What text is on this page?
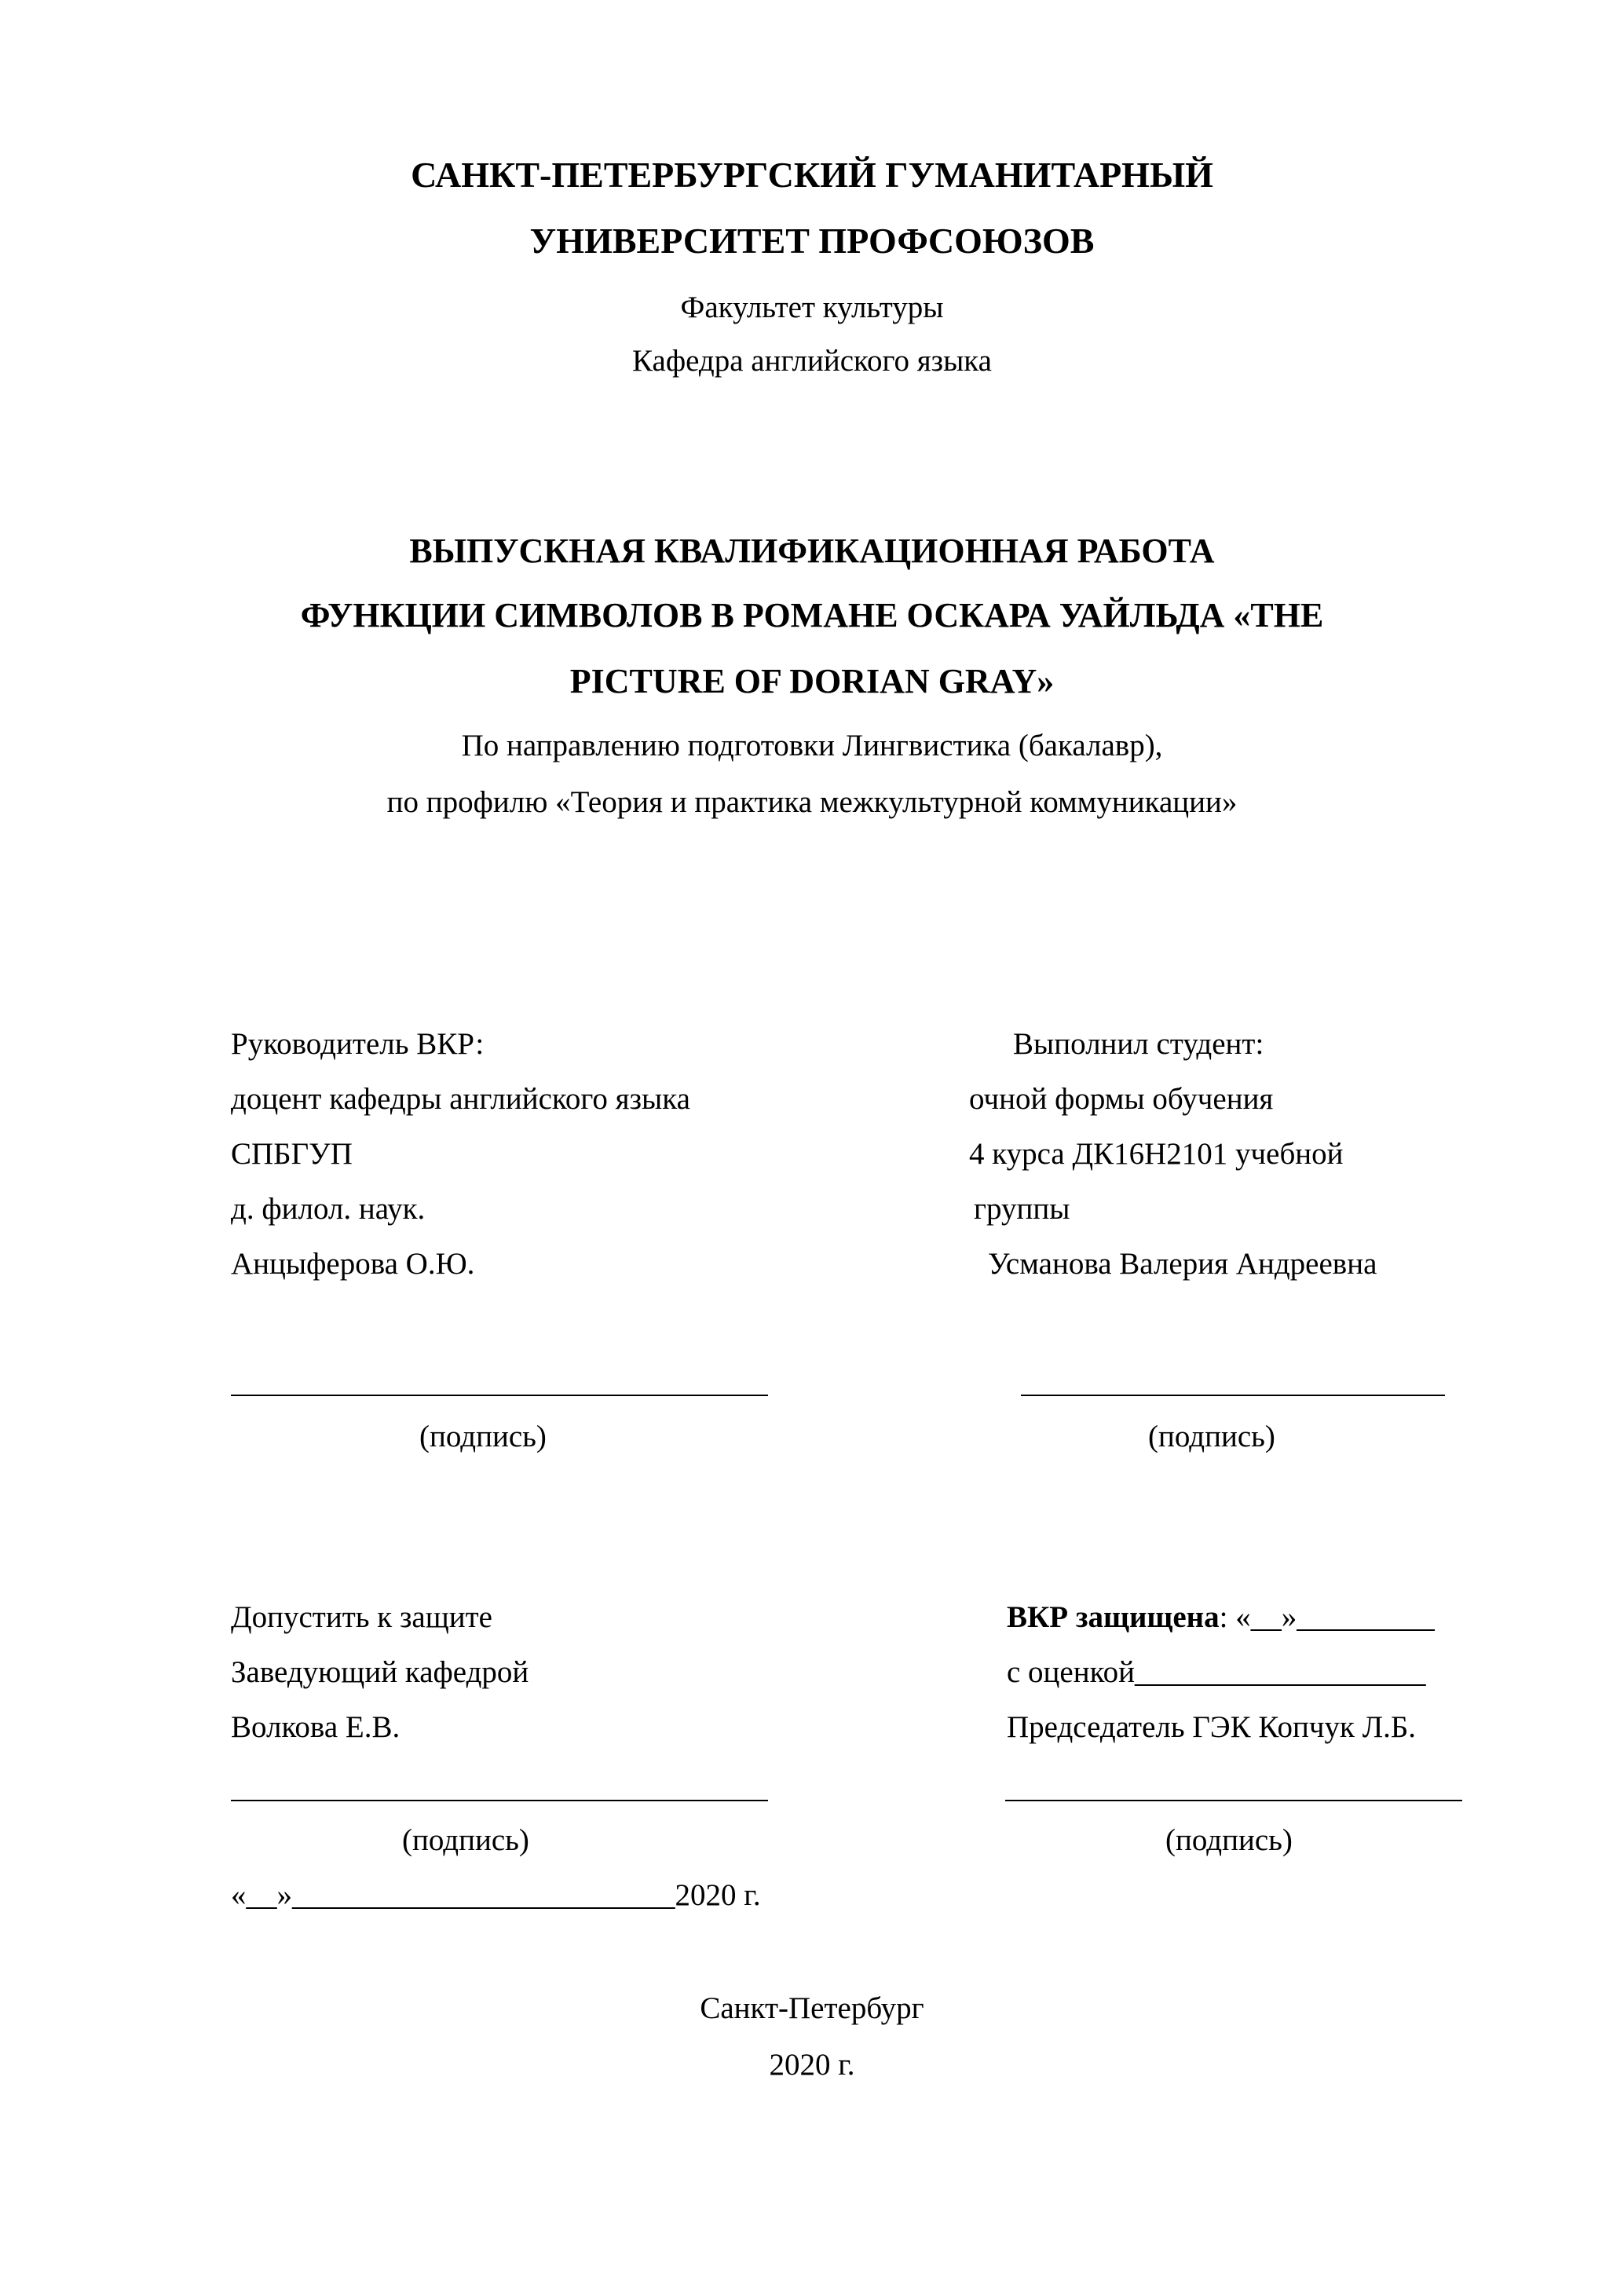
САНКТ-ПЕТЕРБУРГСКИЙ ГУМАНИТАРНЫЙ
УНИВЕРСИТЕТ ПРОФСОЮЗОВ
Факультет культуры
Кафедра английского языка
ВЫПУСКНАЯ КВАЛИФИКАЦИОННАЯ РАБОТА
ФУНКЦИИ СИМВОЛОВ В РОМАНЕ ОСКАРА УАЙЛЬДА «THE
PICTURE OF DORIAN GRAY»
По направлению подготовки Лингвистика (бакалавр),
по профилю «Теория и практика межкультурной коммуникации»
Руководитель ВКР:
доцент кафедры английского языка
СПБГУП
д. филол. наук.
Анцыферова О.Ю.
Выполнил студент:
очной формы обучения
4 курса ДК16Н2101 учебной
группы
Усманова Валерия Андреевна
(подпись)	(подпись)
Допустить к защите
Заведующий кафедрой
Волкова Е.В.
ВКР защищена: «__»_________
с оценкой___________________
Председатель ГЭК Копчук Л.Б.
(подпись)	(подпись)
«__»_________________________2020 г.
Санкт-Петербург
2020 г.
